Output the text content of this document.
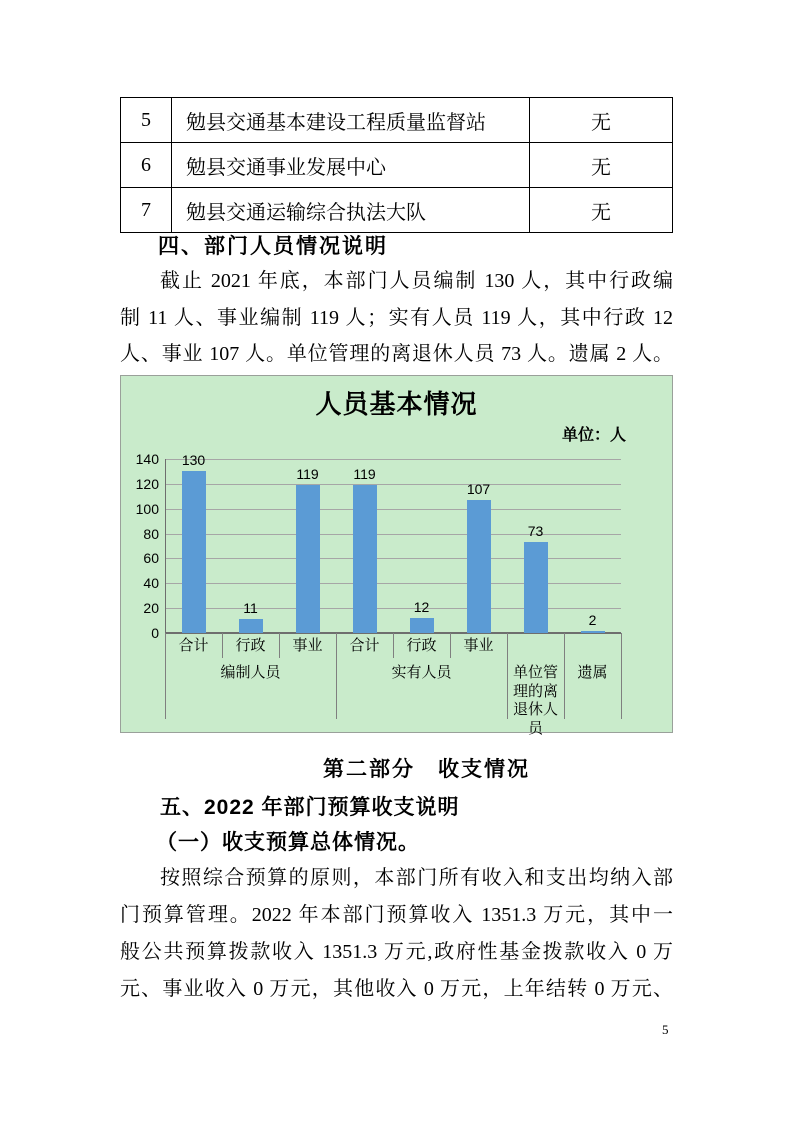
5	勉县交通基本建设工程质量监督站	无
6	勉县交通事业发展中心	无
7	勉县交通运输综合执法大队	无
四、部门人员情况说明
截止 2021 年底，本部门人员编制 130 人，其中行政编
制 11 人、事业编制 119 人；实有人员 119 人，其中行政 12
人、事业 107 人。单位管理的离退休人员 73 人。遗属 2 人。
人员基本情况
单位：人
0
20
40
60
80
100
120
140	130
合计
11
行政
119
事业
编制人员
119
合计
12
行政
107
事业
实有人员
73
单位管理的离退休人员
2
遗属
第二部分　收支情况
五、2022 年部门预算收支说明
（一）收支预算总体情况。
按照综合预算的原则，本部门所有收入和支出均纳入部
门预算管理。2022 年本部门预算收入 1351.3 万元，其中一
般公共预算拨款收入 1351.3 万元,政府性基金拨款收入 0 万
元、事业收入 0 万元，其他收入 0 万元，上年结转 0 万元、
5
